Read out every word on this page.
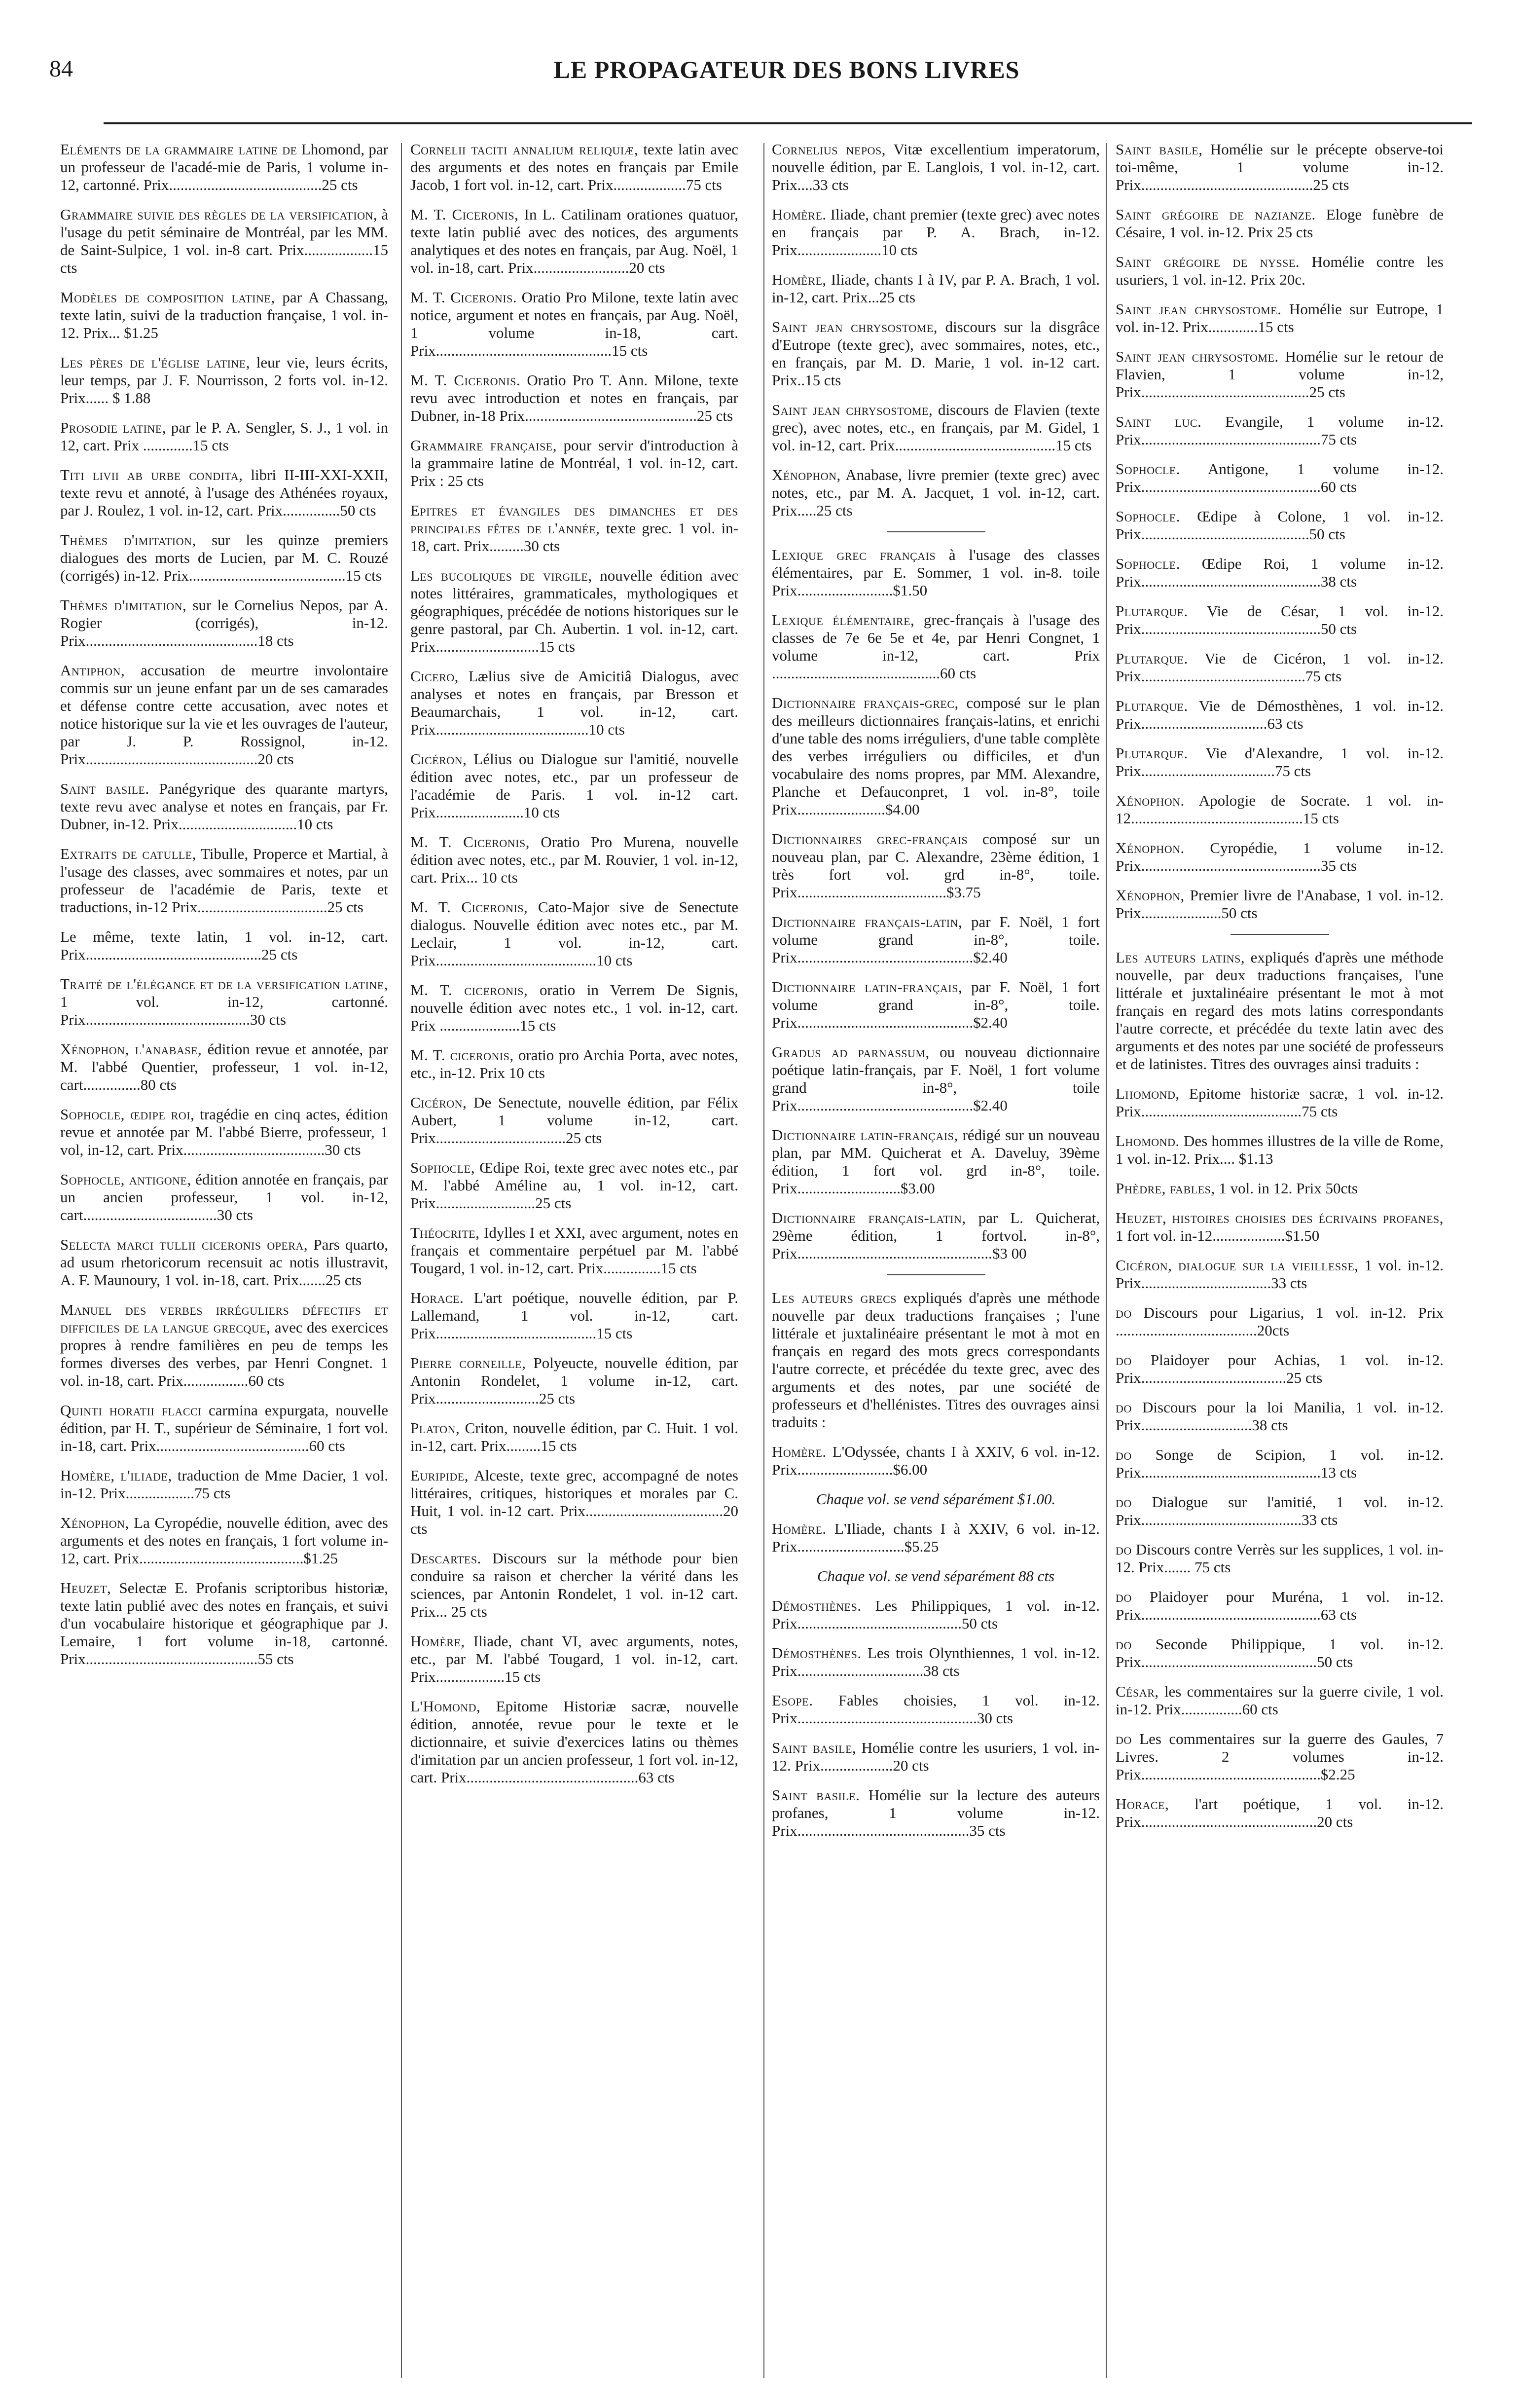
84	LE PROPAGATEUR DES BONS LIVRES
Eléments de la grammaire latine de Lhomond, par un professeur de l'acadé-mie de Paris, 1 volume in-12, cartonné. Prix........................................25 cts
Grammaire suivie des règles de la versification, à l'usage du petit séminaire de Montréal, par les MM. de Saint-Sulpice, 1 vol. in-8 cart. Prix..................15 cts
Modèles de composition latine, par A Chassang, texte latin, suivi de la traduction française, 1 vol. in-12. Prix... $1.25
Les pères de l'église latine, leur vie, leurs écrits, leur temps, par J. F. Nourrisson, 2 forts vol. in-12. Prix...... $ 1.88
Prosodie latine, par le P. A. Sengler, S. J., 1 vol. in 12, cart. Prix .............15 cts
Titi livii ab urbe condita, libri II-III-XXI-XXII, texte revu et annoté, à l'usage des Athénées royaux, par J. Roulez, 1 vol. in-12, cart. Prix...............50 cts
Thèmes d'imitation, sur les quinze premiers dialogues des morts de Lucien, par M. C. Rouzé (corrigés) in-12. Prix.........................................15 cts
Thèmes d'imitation, sur le Cornelius Nepos, par A. Rogier (corrigés), in-12. Prix.............................................18 cts
Antiphon, accusation de meurtre involontaire commis sur un jeune enfant par un de ses camarades et défense contre cette accusation, avec notes et notice historique sur la vie et les ouvrages de l'auteur, par J. P. Rossignol, in-12. Prix.............................................20 cts
Saint basile. Panégyrique des quarante martyrs, texte revu avec analyse et notes en français, par Fr. Dubner, in-12. Prix...............................10 cts
Extraits de catulle, Tibulle, Properce et Martial, à l'usage des classes, avec sommaires et notes, par un professeur de l'académie de Paris, texte et traductions, in-12 Prix..................................25 cts
Le même, texte latin, 1 vol. in-12, cart. Prix..............................................25 cts
Traité de l'élégance et de la versification latine, 1 vol. in-12, cartonné. Prix...........................................30 cts
Xénophon, l'anabase, édition revue et annotée, par M. l'abbé Quentier, professeur, 1 vol. in-12, cart...............80 cts
Sophocle, œdipe roi, tragédie en cinq actes, édition revue et annotée par M. l'abbé Bierre, professeur, 1 vol, in-12, cart. Prix.....................................30 cts
Sophocle, antigone, édition annotée en français, par un ancien professeur, 1 vol. in-12, cart...................................30 cts
Selecta marci tullii ciceronis opera, Pars quarto, ad usum rhetoricorum recensuit ac notis illustravit, A. F. Maunoury, 1 vol. in-18, cart. Prix.......25 cts
Manuel des verbes irréguliers défectifs et difficiles de la langue grecque, avec des exercices propres à rendre familières en peu de temps les formes diverses des verbes, par Henri Congnet. 1 vol. in-18, cart. Prix.................60 cts
Quinti horatii flacci carmina expurgata, nouvelle édition, par H. T., supérieur de Séminaire, 1 fort vol. in-18, cart. Prix........................................60 cts
Homère, l'iliade, traduction de Mme Dacier, 1 vol. in-12. Prix..................75 cts
Xénophon, La Cyropédie, nouvelle édition, avec des arguments et des notes en français, 1 fort volume in-12, cart. Prix...........................................$1.25
Heuzet, Selectæ E. Profanis scriptoribus historiæ, texte latin publié avec des notes en français, et suivi d'un vocabulaire historique et géographique par J. Lemaire, 1 fort volume in-18, cartonné. Prix.............................................55 cts
Cornelii taciti annalium reliquiæ, texte latin avec des arguments et des notes en français par Emile Jacob, 1 fort vol. in-12, cart. Prix...................75 cts
M. T. Ciceronis, In L. Catilinam orationes quatuor, texte latin publié avec des notices, des arguments analytiques et des notes en français, par Aug. Noël, 1 vol. in-18, cart. Prix.........................20 cts
M. T. Ciceronis. Oratio Pro Milone, texte latin avec notice, argument et notes en français, par Aug. Noël, 1 volume in-18, cart. Prix..............................................15 cts
M. T. Ciceronis. Oratio Pro T. Ann. Milone, texte revu avec introduction et notes en français, par Dubner, in-18 Prix.............................................25 cts
Grammaire française, pour servir d'introduction à la grammaire latine de Montréal, 1 vol. in-12, cart. Prix : 25 cts
Epitres et évangiles des dimanches et des principales fêtes de l'année, texte grec. 1 vol. in-18, cart. Prix.........30 cts
Les bucoliques de virgile, nouvelle édition avec notes littéraires, grammaticales, mythologiques et géographiques, précédée de notions historiques sur le genre pastoral, par Ch. Aubertin. 1 vol. in-12, cart. Prix...........................15 cts
Cicero, Lælius sive de Amicitiâ Dialogus, avec analyses et notes en français, par Bresson et Beaumarchais, 1 vol. in-12, cart. Prix........................................10 cts
Cicéron, Lélius ou Dialogue sur l'amitié, nouvelle édition avec notes, etc., par un professeur de l'académie de Paris. 1 vol. in-12 cart. Prix.......................10 cts
M. T. Ciceronis, Oratio Pro Murena, nouvelle édition avec notes, etc., par M. Rouvier, 1 vol. in-12, cart. Prix... 10 cts
M. T. Ciceronis, Cato-Major sive de Senectute dialogus. Nouvelle édition avec notes etc., par M. Leclair, 1 vol. in-12, cart. Prix..........................................10 cts
M. T. ciceronis, oratio in Verrem De Signis, nouvelle édition avec notes etc., 1 vol. in-12, cart. Prix .....................15 cts
M. T. ciceronis, oratio pro Archia Porta, avec notes, etc., in-12. Prix 10 cts
Cicéron, De Senectute, nouvelle édition, par Félix Aubert, 1 volume in-12, cart. Prix..................................25 cts
Sophocle, Œdipe Roi, texte grec avec notes etc., par M. l'abbé Améline au, 1 vol. in-12, cart. Prix..........................25 cts
Théocrite, Idylles I et XXI, avec argument, notes en français et commentaire perpétuel par M. l'abbé Tougard, 1 vol. in-12, cart. Prix...............15 cts
Horace. L'art poétique, nouvelle édition, par P. Lallemand, 1 vol. in-12, cart. Prix..........................................15 cts
Pierre corneille, Polyeucte, nouvelle édition, par Antonin Rondelet, 1 volume in-12, cart. Prix...........................25 cts
Platon, Criton, nouvelle édition, par C. Huit. 1 vol. in-12, cart. Prix.........15 cts
Euripide, Alceste, texte grec, accompagné de notes littéraires, critiques, historiques et morales par C. Huit, 1 vol. in-12 cart. Prix....................................20 cts
Descartes. Discours sur la méthode pour bien conduire sa raison et chercher la vérité dans les sciences, par Antonin Rondelet, 1 vol. in-12 cart. Prix... 25 cts
Homère, Iliade, chant VI, avec arguments, notes, etc., par M. l'abbé Tougard, 1 vol. in-12, cart. Prix..................15 cts
L'Homond, Epitome Historiæ sacræ, nouvelle édition, annotée, revue pour le texte et le dictionnaire, et suivie d'exercices latins ou thèmes d'imitation par un ancien professeur, 1 fort vol. in-12, cart. Prix.............................................63 cts
Cornelius nepos, Vitæ excellentium imperatorum, nouvelle édition, par E. Langlois, 1 vol. in-12, cart. Prix....33 cts
Homère. Iliade, chant premier (texte grec) avec notes en français par P. A. Brach, in-12. Prix......................10 cts
Homère, Iliade, chants I à IV, par P. A. Brach, 1 vol. in-12, cart. Prix...25 cts
Saint jean chrysostome, discours sur la disgrâce d'Eutrope (texte grec), avec sommaires, notes, etc., en français, par M. D. Marie, 1 vol. in-12 cart. Prix..15 cts
Saint jean chrysostome, discours de Flavien (texte grec), avec notes, etc., en français, par M. Gidel, 1 vol. in-12, cart. Prix..........................................15 cts
Xénophon, Anabase, livre premier (texte grec) avec notes, etc., par M. A. Jacquet, 1 vol. in-12, cart. Prix.....25 cts
Lexique grec français à l'usage des classes élémentaires, par E. Sommer, 1 vol. in-8. toile Prix.........................$1.50
Lexique élémentaire, grec-français à l'usage des classes de 7e 6e 5e et 4e, par Henri Congnet, 1 volume in-12, cart. Prix ............................................60 cts
Dictionnaire français-grec, composé sur le plan des meilleurs dictionnaires français-latins, et enrichi d'une table des noms irréguliers, d'une table complète des verbes irréguliers ou difficiles, et d'un vocabulaire des noms propres, par MM. Alexandre, Planche et Defauconpret, 1 vol. in-8°, toile Prix.......................$4.00
Dictionnaires grec-français composé sur un nouveau plan, par C. Alexandre, 23ème édition, 1 très fort vol. grd in-8°, toile. Prix.......................................$3.75
Dictionnaire français-latin, par F. Noël, 1 fort volume grand in-8°, toile. Prix..............................................$2.40
Dictionnaire latin-français, par F. Noël, 1 fort volume grand in-8°, toile. Prix..............................................$2.40
Gradus ad parnassum, ou nouveau dictionnaire poétique latin-français, par F. Noël, 1 fort volume grand in-8°, toile Prix..............................................$2.40
Dictionnaire latin-français, rédigé sur un nouveau plan, par MM. Quicherat et A. Daveluy, 39ème édition, 1 fort vol. grd in-8°, toile. Prix...........................$3.00
Dictionnaire français-latin, par L. Quicherat, 29ème édition, 1 fortvol. in-8°, Prix...................................................$3 00
Les auteurs grecs expliqués d'après une méthode nouvelle par deux traductions françaises ; l'une littérale et juxtalinéaire présentant le mot à mot en français en regard des mots grecs correspondants l'autre correcte, et précédée du texte grec, avec des arguments et des notes, par une société de professeurs et d'hellénistes. Titres des ouvrages ainsi traduits :
Homère. L'Odyssée, chants I à XXIV, 6 vol. in-12. Prix.........................$6.00
Chaque vol. se vend séparément $1.00.
Homère. L'Iliade, chants I à XXIV, 6 vol. in-12. Prix............................$5.25
Chaque vol. se vend séparément 88 cts
Démosthènes. Les Philippiques, 1 vol. in-12. Prix...........................................50 cts
Démosthènes. Les trois Olynthiennes, 1 vol. in-12. Prix.................................38 cts
Esope. Fables choisies, 1 vol. in-12. Prix...............................................30 cts
Saint basile, Homélie contre les usuriers, 1 vol. in-12. Prix...................20 cts
Saint basile. Homélie sur la lecture des auteurs profanes, 1 volume in-12. Prix.............................................35 cts
Saint basile, Homélie sur le précepte observe-toi toi-même, 1 volume in-12. Prix.............................................25 cts
Saint grégoire de nazianze. Eloge funèbre de Césaire, 1 vol. in-12. Prix 25 cts
Saint grégoire de nysse. Homélie contre les usuriers, 1 vol. in-12. Prix 20c.
Saint jean chrysostome. Homélie sur Eutrope, 1 vol. in-12. Prix.............15 cts
Saint jean chrysostome. Homélie sur le retour de Flavien, 1 volume in-12, Prix............................................25 cts
Saint luc. Evangile, 1 volume in-12. Prix...............................................75 cts
Sophocle. Antigone, 1 volume in-12. Prix...............................................60 cts
Sophocle. Œdipe à Colone, 1 vol. in-12. Prix............................................50 cts
Sophocle. Œdipe Roi, 1 volume in-12. Prix...............................................38 cts
Plutarque. Vie de César, 1 vol. in-12. Prix...............................................50 cts
Plutarque. Vie de Cicéron, 1 vol. in-12. Prix...........................................75 cts
Plutarque. Vie de Démosthènes, 1 vol. in-12. Prix.................................63 cts
Plutarque. Vie d'Alexandre, 1 vol. in-12. Prix...................................75 cts
Xénophon. Apologie de Socrate. 1 vol. in-12.............................................15 cts
Xénophon. Cyropédie, 1 volume in-12. Prix...............................................35 cts
Xénophon, Premier livre de l'Anabase, 1 vol. in-12. Prix.....................50 cts
Les auteurs latins, expliqués d'après une méthode nouvelle, par deux traductions françaises, l'une littérale et juxtalinéaire présentant le mot à mot français en regard des mots latins correspondants l'autre correcte, et précédée du texte latin avec des arguments et des notes par une société de professeurs et de latinistes. Titres des ouvrages ainsi traduits :
Lhomond, Epitome historiæ sacræ, 1 vol. in-12. Prix..........................................75 cts
Lhomond. Des hommes illustres de la ville de Rome, 1 vol. in-12. Prix.... $1.13
Phèdre, fables, 1 vol. in 12. Prix 50cts
Heuzet, histoires choisies des écrivains profanes, 1 fort vol. in-12...................$1.50
Cicéron, dialogue sur la vieillesse, 1 vol. in-12. Prix..................................33 cts
do Discours pour Ligarius, 1 vol. in-12. Prix .....................................20cts
do Plaidoyer pour Achias, 1 vol. in-12. Prix......................................25 cts
do Discours pour la loi Manilia, 1 vol. in-12. Prix.............................38 cts
do Songe de Scipion, 1 vol. in-12. Prix...............................................13 cts
do Dialogue sur l'amitié, 1 vol. in-12. Prix..........................................33 cts
do Discours contre Verrès sur les supplices, 1 vol. in-12. Prix....... 75 cts
do Plaidoyer pour Muréna, 1 vol. in-12. Prix...............................................63 cts
do Seconde Philippique, 1 vol. in-12. Prix..............................................50 cts
César, les commentaires sur la guerre civile, 1 vol. in-12. Prix................60 cts
do Les commentaires sur la guerre des Gaules, 7 Livres. 2 volumes in-12. Prix...............................................$2.25
Horace, l'art poétique, 1 vol. in-12. Prix..............................................20 cts
